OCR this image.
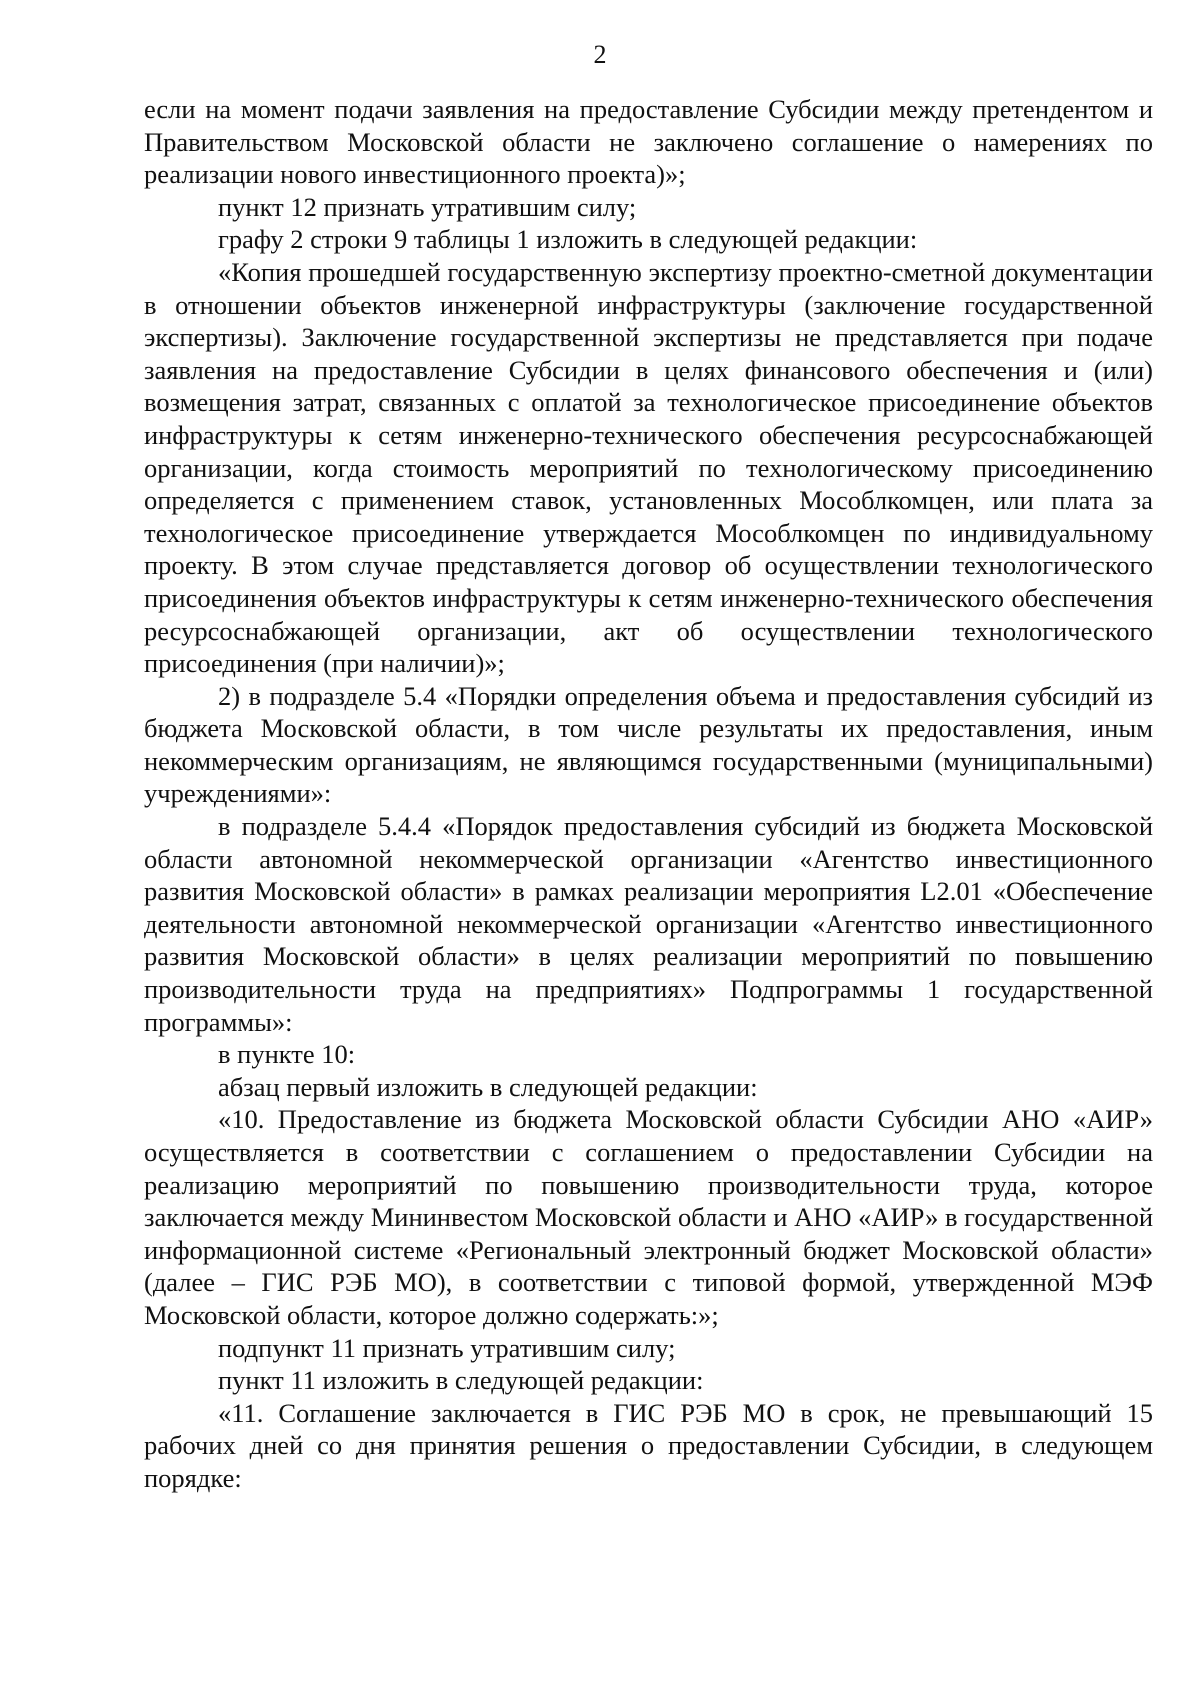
2

если на момент подачи заявления на предоставление Субсидии между претендентом и Правительством Московской области не заключено соглашение о намерениях по реализации нового инвестиционного проекта)»;

пункт 12 признать утратившим силу;

графу 2 строки 9 таблицы 1 изложить в следующей редакции:

«Копия прошедшей государственную экспертизу проектно-сметной документации в отношении объектов инженерной инфраструктуры (заключение государственной экспертизы). Заключение государственной экспертизы не представляется при подаче заявления на предоставление Субсидии в целях финансового обеспечения и (или) возмещения затрат, связанных с оплатой за технологическое присоединение объектов инфраструктуры к сетям инженерно-технического обеспечения ресурсоснабжающей организации, когда стоимость мероприятий по технологическому присоединению определяется с применением ставок, установленных Мособлкомцен, или плата за технологическое присоединение утверждается Мособлкомцен по индивидуальному проекту. В этом случае представляется договор об осуществлении технологического присоединения объектов инфраструктуры к сетям инженерно-технического обеспечения ресурсоснабжающей организации, акт об осуществлении технологического присоединения (при наличии)»;

2) в подразделе 5.4 «Порядки определения объема и предоставления субсидий из бюджета Московской области, в том числе результаты их предоставления, иным некоммерческим организациям, не являющимся государственными (муниципальными) учреждениями»:

в подразделе 5.4.4 «Порядок предоставления субсидий из бюджета Московской области автономной некоммерческой организации «Агентство инвестиционного развития Московской области» в рамках реализации мероприятия L2.01 «Обеспечение деятельности автономной некоммерческой организации «Агентство инвестиционного развития Московской области» в целях реализации мероприятий по повышению производительности труда на предприятиях» Подпрограммы 1 государственной программы»:

в пункте 10:

абзац первый изложить в следующей редакции:

«10. Предоставление из бюджета Московской области Субсидии АНО «АИР» осуществляется в соответствии с соглашением о предоставлении Субсидии на реализацию мероприятий по повышению производительности труда, которое заключается между Мининвестом Московской области и АНО «АИР» в государственной информационной системе «Региональный электронный бюджет Московской области» (далее – ГИС РЭБ МО), в соответствии с типовой формой, утвержденной МЭФ Московской области, которое должно содержать:»;

подпункт 11 признать утратившим силу;

пункт 11 изложить в следующей редакции:

«11. Соглашение заключается в ГИС РЭБ МО в срок, не превышающий 15 рабочих дней со дня принятия решения о предоставлении Субсидии, в следующем порядке:
